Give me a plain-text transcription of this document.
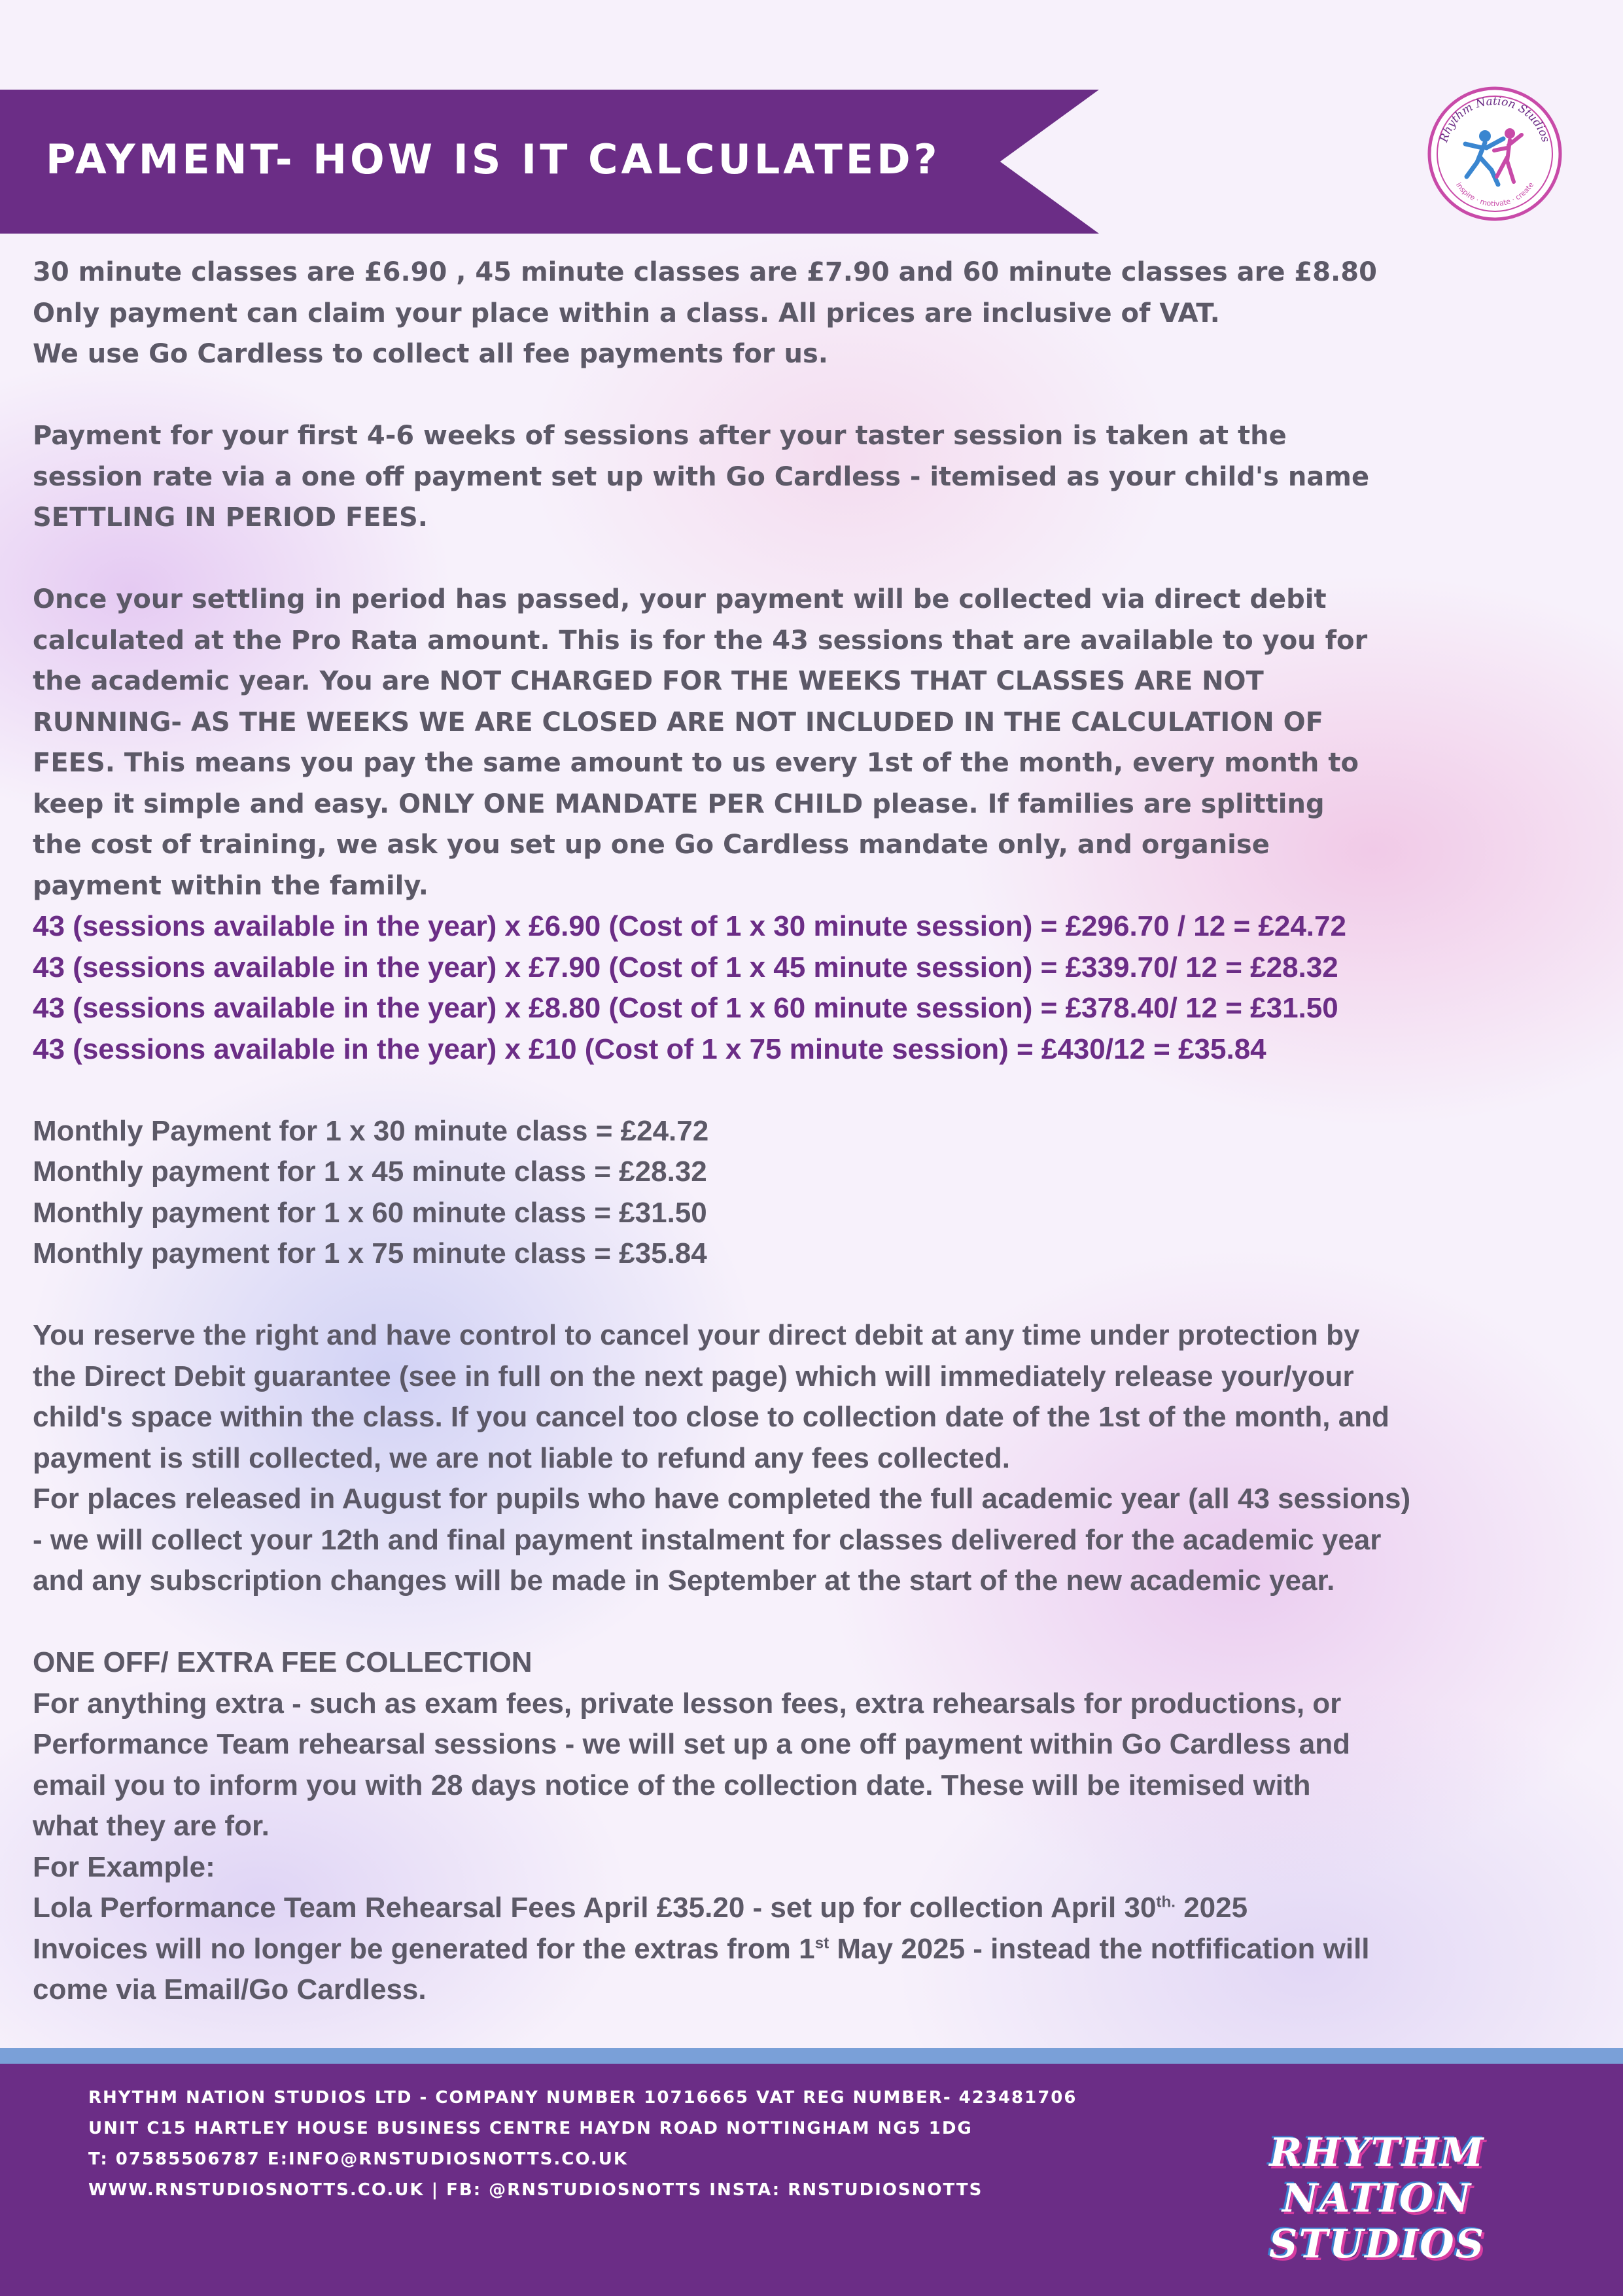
PAYMENT- HOW IS IT CALCULATED?	Rhythm Nation Studios
inspire · motivate · create

30 minute classes are £6.90 , 45 minute classes are £7.90 and 60 minute classes are £8.80

Only payment can claim your place within a class. All prices are inclusive of VAT.

We use Go Cardless to collect all fee payments for us.

Payment for your first 4-6 weeks of sessions after your taster session is taken at the

session rate via a one off payment set up with Go Cardless - itemised as your child's name

SETTLING IN PERIOD FEES.

Once your settling in period has passed, your payment will be collected via direct debit

calculated at the Pro Rata amount. This is for the 43 sessions that are available to you for

the academic year. You are NOT CHARGED FOR THE WEEKS THAT CLASSES ARE NOT

RUNNING- AS THE WEEKS WE ARE CLOSED ARE NOT INCLUDED IN THE CALCULATION OF

FEES. This means you pay the same amount to us every 1st of the month, every month to

keep it simple and easy. ONLY ONE MANDATE PER CHILD please. If families are splitting

the cost of training, we ask you set up one Go Cardless mandate only, and organise

payment within the family.

43 (sessions available in the year) x £6.90 (Cost of 1 x 30 minute session) = £296.70 / 12 = £24.72

43 (sessions available in the year) x £7.90 (Cost of 1 x 45 minute session) = £339.70/ 12 = £28.32

43 (sessions available in the year) x £8.80 (Cost of 1 x 60 minute session) = £378.40/ 12 = £31.50

43 (sessions available in the year) x £10 (Cost of 1 x 75 minute session) = £430/12 = £35.84

Monthly Payment for 1 x 30 minute class = £24.72

Monthly payment for 1 x 45 minute class = £28.32

Monthly payment for 1 x 60 minute class = £31.50

Monthly payment for 1 x 75 minute class = £35.84

You reserve the right and have control to cancel your direct debit at any time under protection by

the Direct Debit guarantee (see in full on the next page) which will immediately release your/your

child's space within the class. If you cancel too close to collection date of the 1st of the month, and

payment is still collected, we are not liable to refund any fees collected.

For places released in August for pupils who have completed the full academic year (all 43 sessions)

- we will collect your 12th and final payment instalment for classes delivered for the academic year

and any subscription changes will be made in September at the start of the new academic year.

ONE OFF/ EXTRA FEE COLLECTION

For anything extra - such as exam fees, private lesson fees, extra rehearsals for productions, or

Performance Team rehearsal sessions - we will set up a one off payment within Go Cardless and

email you to inform you with 28 days notice of the collection date. These will be itemised with

what they are for.

For Example:

Lola Performance Team Rehearsal Fees April £35.20 - set up for collection April $30^{th.}$ 2025

Invoices will no longer be generated for the extras from 1st May 2025 - instead the notfification will

come via Email/Go Cardless.

RHYTHM NATION STUDIOS LTD - COMPANY NUMBER 10716665 VAT REG NUMBER- 423481706

UNIT C15 HARTLEY HOUSE BUSINESS CENTRE HAYDN ROAD NOTTINGHAM NG5 1DG

T: 07585506787 E:INFO@RNSTUDIOSNOTTS.CO.UK

WWW.RNSTUDIOSNOTTS.CO.UK | FB: @RNSTUDIOSNOTTS INSTA: RNSTUDIOSNOTTS

RHYTHM NATION STUDIOS
